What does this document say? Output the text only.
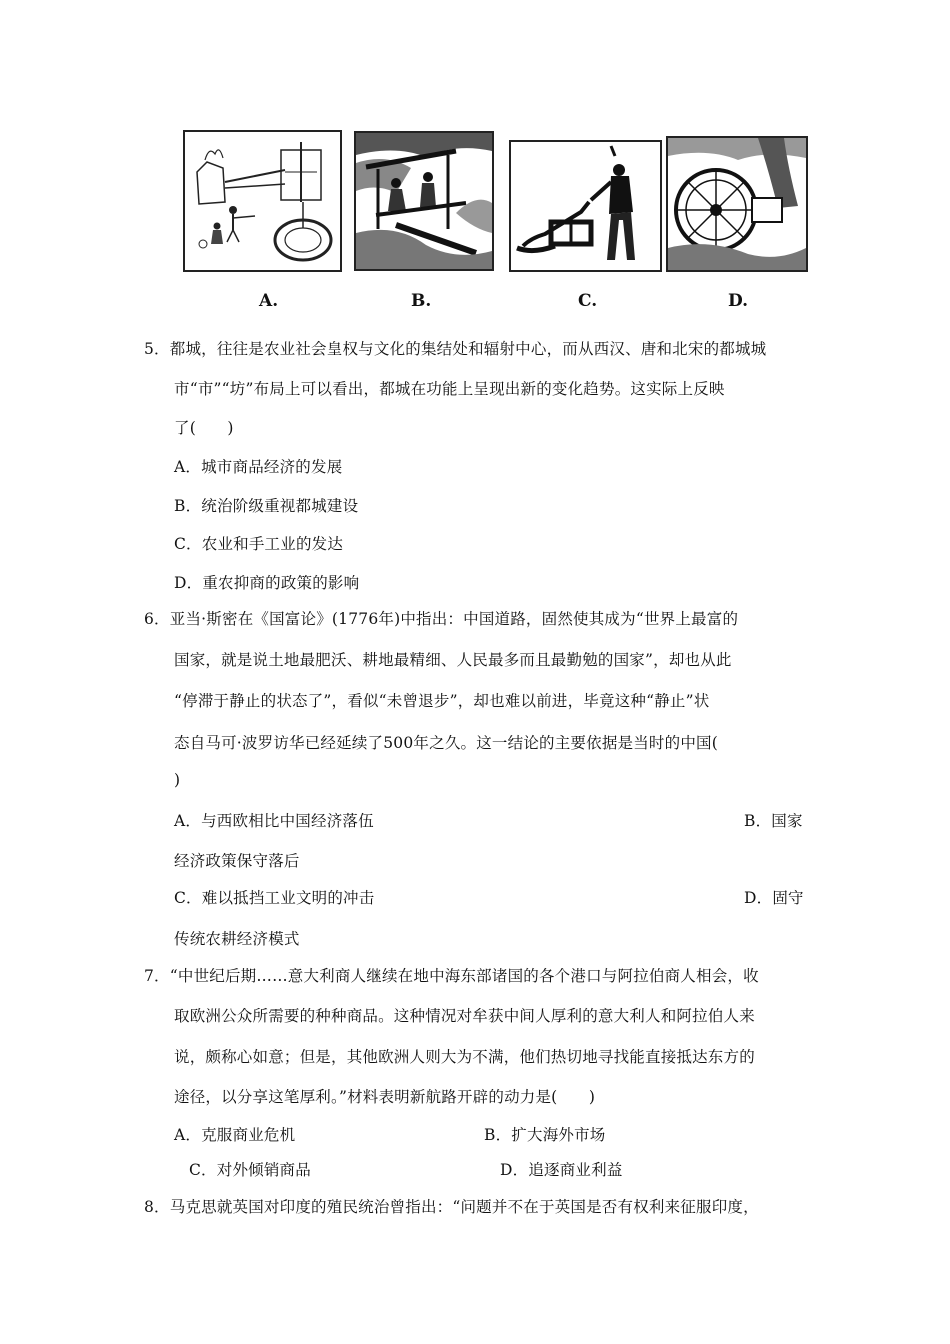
A.	B.	C.	D.
5．都城，往往是农业社会皇权与文化的集结处和辐射中心，而从西汉、唐和北宋的都城城
市“市”“坊”布局上可以看出，都城在功能上呈现出新的变化趋势。这实际上反映
了(　　)
A．城市商品经济的发展
B．统治阶级重视都城建设
C．农业和手工业的发达
D．重农抑商的政策的影响
6．亚当·斯密在《国富论》(1776年)中指出：中国道路，固然使其成为“世界上最富的
国家，就是说土地最肥沃、耕地最精细、人民最多而且最勤勉的国家”，却也从此
“停滞于静止的状态了”，看似“未曾退步”，却也难以前进，毕竟这种“静止”状
态自马可·波罗访华已经延续了500年之久。这一结论的主要依据是当时的中国(
)
A．与西欧相比中国经济落伍	B．国家
经济政策保守落后
C．难以抵挡工业文明的冲击	D．固守
传统农耕经济模式
7．“中世纪后期……意大利商人继续在地中海东部诸国的各个港口与阿拉伯商人相会，收
取欧洲公众所需要的种种商品。这种情况对牟获中间人厚利的意大利人和阿拉伯人来
说，颇称心如意；但是，其他欧洲人则大为不满，他们热切地寻找能直接抵达东方的
途径，以分享这笔厚利。”材料表明新航路开辟的动力是(　　)
A．克服商业危机	B．扩大海外市场
C．对外倾销商品	D．追逐商业利益
8．马克思就英国对印度的殖民统治曾指出：“问题并不在于英国是否有权利来征服印度，
